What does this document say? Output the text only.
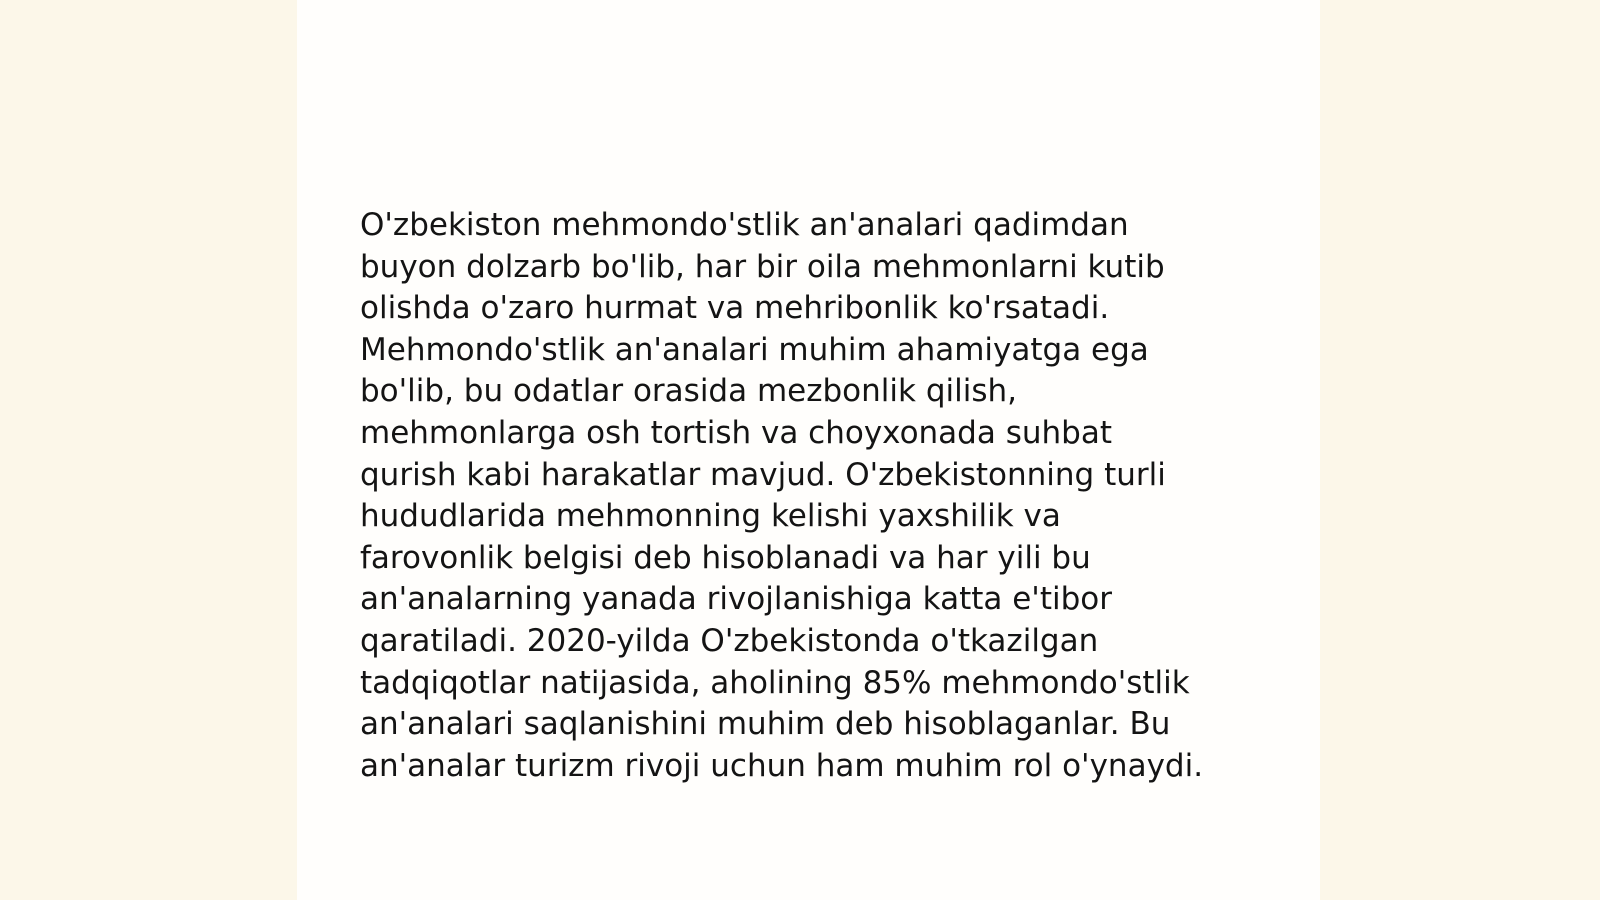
O'zbekiston mehmondo'stlik an'analari qadimdan
buyon dolzarb bo'lib, har bir oila mehmonlarni kutib
olishda o'zaro hurmat va mehribonlik ko'rsatadi.
Mehmondo'stlik an'analari muhim ahamiyatga ega
bo'lib, bu odatlar orasida mezbonlik qilish,
mehmonlarga osh tortish va choyxonada suhbat
qurish kabi harakatlar mavjud. O'zbekistonning turli
hududlarida mehmonning kelishi yaxshilik va
farovonlik belgisi deb hisoblanadi va har yili bu
an'analarning yanada rivojlanishiga katta e'tibor
qaratiladi. 2020-yilda O'zbekistonda o'tkazilgan
tadqiqotlar natijasida, aholining 85% mehmondo'stlik
an'analari saqlanishini muhim deb hisoblaganlar. Bu
an'analar turizm rivoji uchun ham muhim rol o'ynaydi.
